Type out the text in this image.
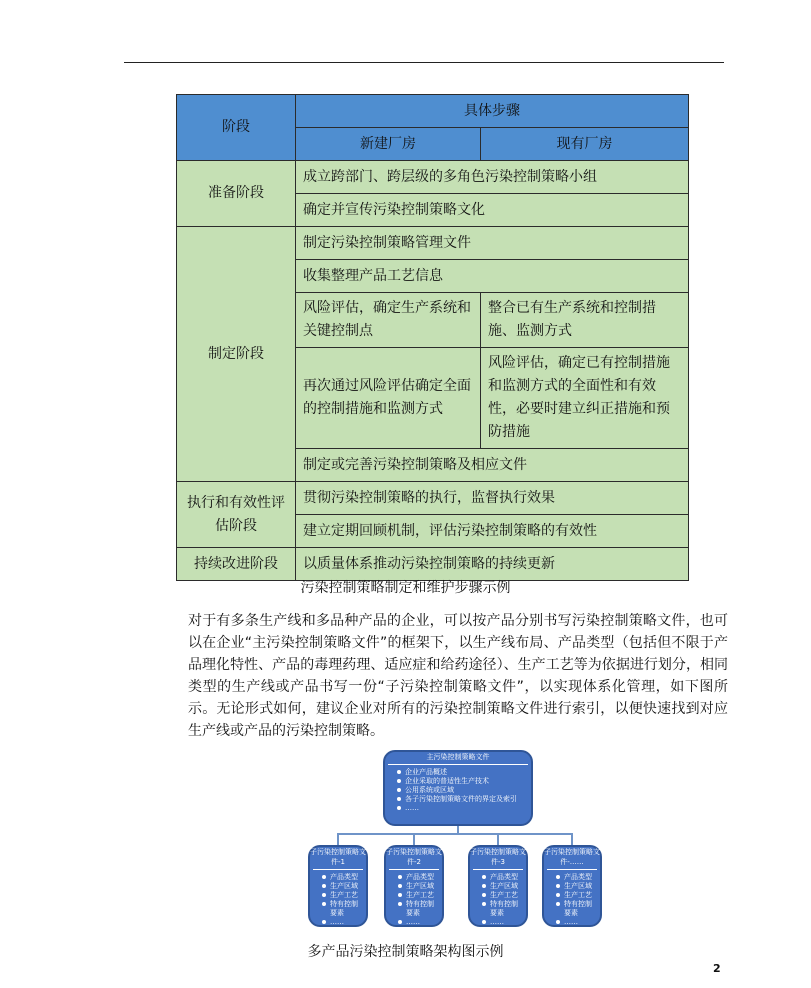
阶段	具体步骤	
	新建厂房	现有厂房
准备阶段	成立跨部门、跨层级的多角色污染控制策略小组	
	确定并宣传污染控制策略文化	
制定阶段	制定污染控制策略管理文件	
	收集整理产品工艺信息	
	风险评估，确定生产系统和关键控制点	整合已有生产系统和控制措施、监测方式
	再次通过风险评估确定全面的控制措施和监测方式	风险评估，确定已有控制措施和监测方式的全面性和有效性，必要时建立纠正措施和预防措施
	制定或完善污染控制策略及相应文件	
执行和有效性评估阶段	贯彻污染控制策略的执行，监督执行效果	
	建立定期回顾机制，评估污染控制策略的有效性	
持续改进阶段	以质量体系推动污染控制策略的持续更新	
污染控制策略制定和维护步骤示例

对于有多条生产线和多品种产品的企业，可以按产品分别书写污染控制策略文件，也可以在企业“主污染控制策略文件”的框架下，以生产线布局、产品类型（包括但不限于产品理化特性、产品的毒理药理、适应症和给药途径）、生产工艺等为依据进行划分，相同类型的生产线或产品书写一份“子污染控制策略文件”，以实现体系化管理，如下图所示。无论形式如何，建议企业对所有的污染控制策略文件进行索引，以便快速找到对应生产线或产品的污染控制策略。

主污染控制策略文件
企业产品概述
企业采取的普适性生产技术
公用系统或区域
各子污染控制策略文件的界定及索引
……
子污染控制策略文件-1
产品类型
生产区域
生产工艺
特有控制要素
……
子污染控制策略文件-2
产品类型
生产区域
生产工艺
特有控制要素
……
子污染控制策略文件-3
产品类型
生产区域
生产工艺
特有控制要素
……
子污染控制策略文件-……
产品类型
生产区域
生产工艺
特有控制要素
……
多产品污染控制策略架构图示例
2
